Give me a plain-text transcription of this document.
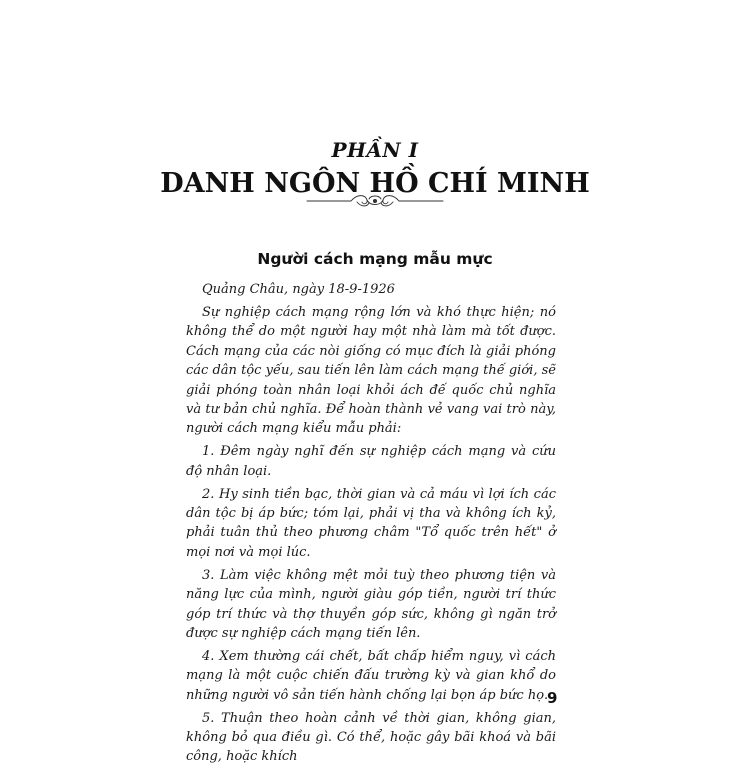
PHẦN I
DANH NGÔN HỒ CHÍ MINH
Người cách mạng mẫu mực

Quảng Châu, ngày 18-9-1926

Sự nghiệp cách mạng rộng lớn và khó thực hiện; nó không thể do một người hay một nhà làm mà tốt được. Cách mạng của các nòi giống có mục đích là giải phóng các dân tộc yếu, sau tiến lên làm cách mạng thế giới, sẽ giải phóng toàn nhân loại khỏi ách đế quốc chủ nghĩa và tư bản chủ nghĩa. Để hoàn thành vẻ vang vai trò này, người cách mạng kiểu mẫu phải:

1. Đêm ngày nghĩ đến sự nghiệp cách mạng và cứu độ nhân loại.

2. Hy sinh tiền bạc, thời gian và cả máu vì lợi ích các dân tộc bị áp bức; tóm lại, phải vị tha và không ích kỷ, phải tuân thủ theo phương châm "Tổ quốc trên hết" ở mọi nơi và mọi lúc.

3. Làm việc không mệt mỏi tuỳ theo phương tiện và năng lực của mình, người giàu góp tiền, người trí thức góp trí thức và thợ thuyền góp sức, không gì ngăn trở được sự nghiệp cách mạng tiến lên.

4. Xem thường cái chết, bất chấp hiểm nguy, vì cách mạng là một cuộc chiến đấu trường kỳ và gian khổ do những người vô sản tiến hành chống lại bọn áp bức họ.

5. Thuận theo hoàn cảnh về thời gian, không gian, không bỏ qua điều gì. Có thể, hoặc gây bãi khoá và bãi công, hoặc khích

9
